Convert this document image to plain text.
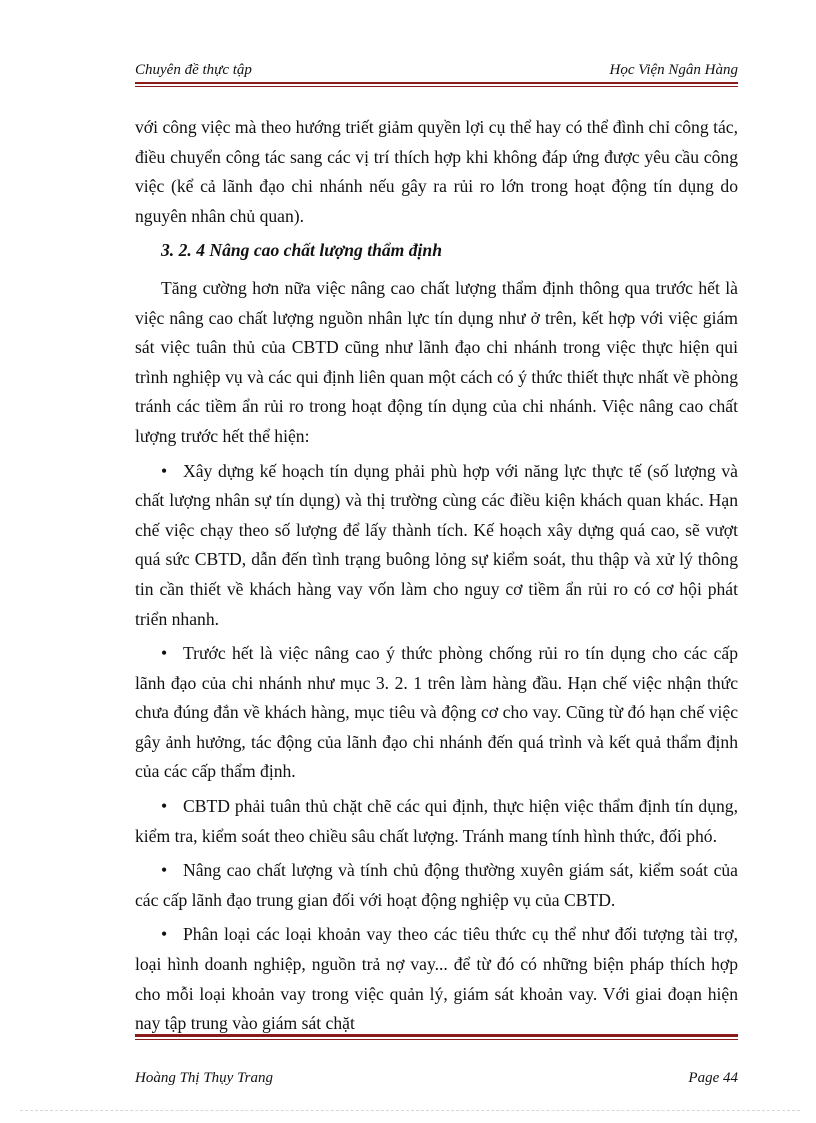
Chuyên đề thực tập	Học Viện Ngân Hàng

với công việc mà theo hướng triết giảm quyền lợi cụ thể hay có thể đình chỉ công tác, điều chuyển công tác sang các vị trí thích hợp khi không đáp ứng được yêu cầu công việc (kể cả lãnh đạo chi nhánh nếu gây ra rủi ro lớn trong hoạt động tín dụng do nguyên nhân chủ quan).

3. 2. 4 Nâng cao chất lượng thẩm định

Tăng cường hơn nữa việc nâng cao chất lượng thẩm định thông qua trước hết là việc nâng cao chất lượng nguồn nhân lực tín dụng như ở trên, kết hợp với việc giám sát việc tuân thủ của CBTD cũng như lãnh đạo chi nhánh trong việc thực hiện qui trình nghiệp vụ và các qui định liên quan một cách có ý thức thiết thực nhất về phòng tránh các tiềm ẩn rủi ro trong hoạt động tín dụng của chi nhánh. Việc nâng cao chất lượng trước hết thể hiện:

• Xây dựng kế hoạch tín dụng phải phù hợp với năng lực thực tế (số lượng và chất lượng nhân sự tín dụng) và thị trường cùng các điều kiện khách quan khác. Hạn chế việc chạy theo số lượng để lấy thành tích. Kế hoạch xây dựng quá cao, sẽ vượt quá sức CBTD, dẫn đến tình trạng buông lỏng sự kiểm soát, thu thập và xử lý thông tin cần thiết về khách hàng vay vốn làm cho nguy cơ tiềm ẩn rủi ro có cơ hội phát triển nhanh.

• Trước hết là việc nâng cao ý thức phòng chống rủi ro tín dụng cho các cấp lãnh đạo của chi nhánh như mục 3. 2. 1 trên làm hàng đầu. Hạn chế việc nhận thức chưa đúng đắn về khách hàng, mục tiêu và động cơ cho vay. Cũng từ đó hạn chế việc gây ảnh hưởng, tác động của lãnh đạo chi nhánh đến quá trình và kết quả thẩm định của các cấp thẩm định.

• CBTD phải tuân thủ chặt chẽ các qui định, thực hiện việc thẩm định tín dụng, kiểm tra, kiểm soát theo chiều sâu chất lượng. Tránh mang tính hình thức, đối phó.

• Nâng cao chất lượng và tính chủ động thường xuyên giám sát, kiểm soát của các cấp lãnh đạo trung gian đối với hoạt động nghiệp vụ của CBTD.

• Phân loại các loại khoản vay theo các tiêu thức cụ thể như đối tượng tài trợ, loại hình doanh nghiệp, nguồn trả nợ vay... để từ đó có những biện pháp thích hợp cho mỗi loại khoản vay trong việc quản lý, giám sát khoản vay. Với giai đoạn hiện nay tập trung vào giám sát chặt

Hoàng Thị Thụy Trang	Page 44
